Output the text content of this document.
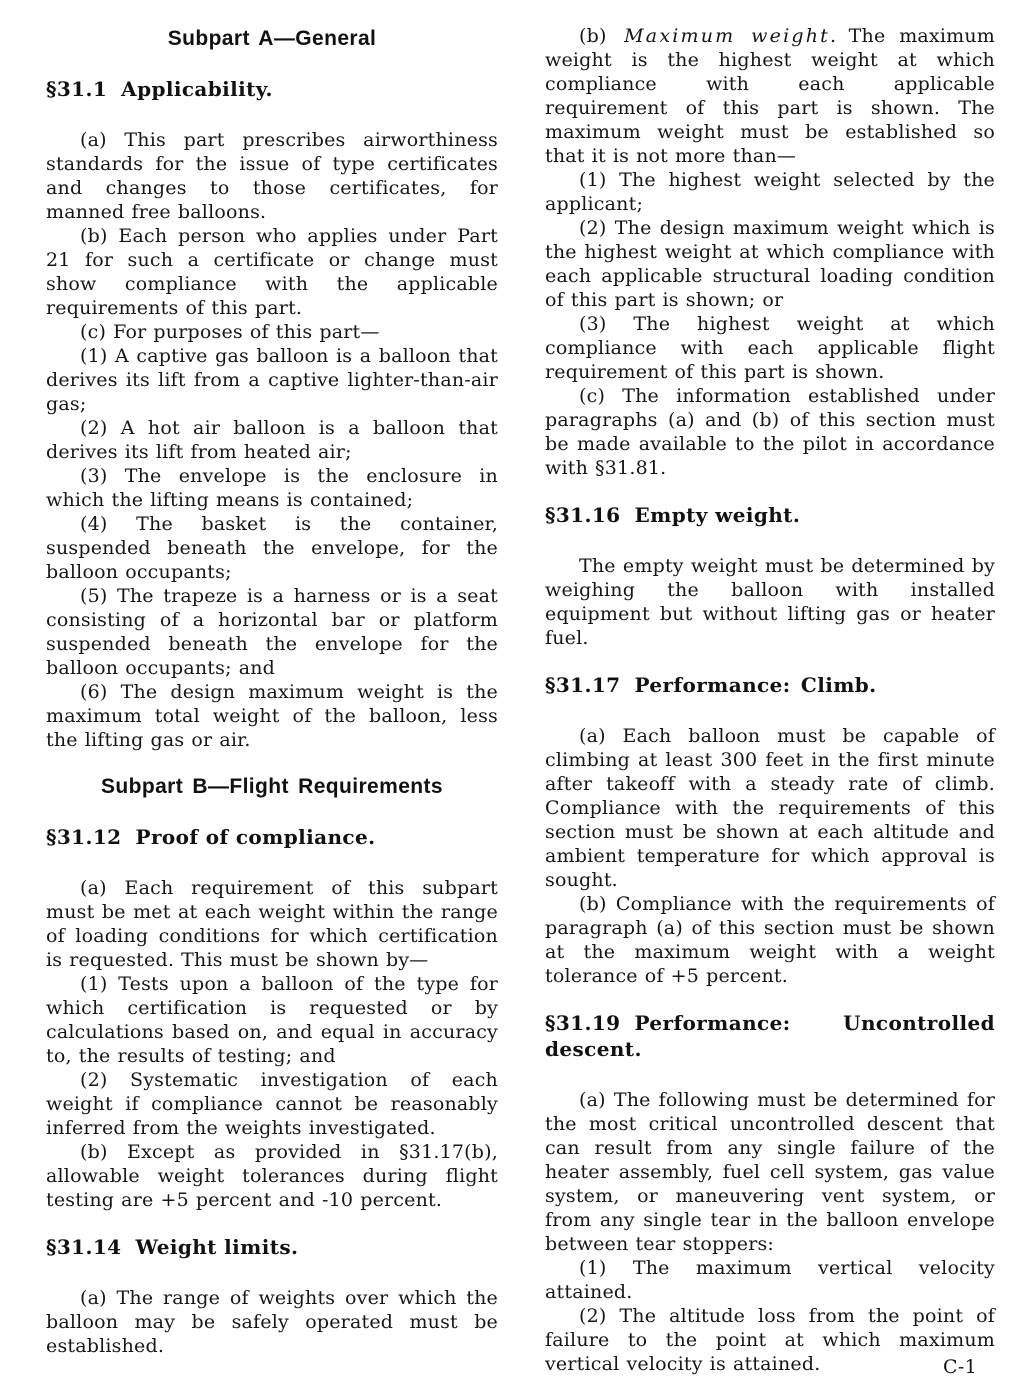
Subpart A—General
§31.1 Applicability.

(a) This part prescribes airworthiness standards for the issue of type certificates and changes to those certificates, for manned free balloons.

(b) Each person who applies under Part 21 for such a certificate or change must show compliance with the applicable requirements of this part.

(c) For purposes of this part—

(1) A captive gas balloon is a balloon that derives its lift from a captive lighter-than-air gas;

(2) A hot air balloon is a balloon that derives its lift from heated air;

(3) The envelope is the enclosure in which the lifting means is contained;

(4) The basket is the container, suspended beneath the envelope, for the balloon occupants;

(5) The trapeze is a harness or is a seat consisting of a horizontal bar or platform suspended beneath the envelope for the balloon occupants; and

(6) The design maximum weight is the maximum total weight of the balloon, less the lifting gas or air.

Subpart B—Flight Requirements
§31.12 Proof of compliance.

(a) Each requirement of this subpart must be met at each weight within the range of loading conditions for which certification is requested. This must be shown by—

(1) Tests upon a balloon of the type for which certification is requested or by calculations based on, and equal in accuracy to, the results of testing; and

(2) Systematic investigation of each weight if compliance cannot be reasonably inferred from the weights investigated.

(b) Except as provided in §31.17(b), allowable weight tolerances during flight testing are +5 percent and -10 percent.

§31.14 Weight limits.

(a) The range of weights over which the balloon may be safely operated must be established.

(b) Maximum weight. The maximum weight is the highest weight at which compliance with each applicable requirement of this part is shown. The maximum weight must be established so that it is not more than—

(1) The highest weight selected by the applicant;

(2) The design maximum weight which is the highest weight at which compliance with each applicable structural loading condition of this part is shown; or

(3) The highest weight at which compliance with each applicable flight requirement of this part is shown.

(c) The information established under paragraphs (a) and (b) of this section must be made available to the pilot in accordance with §31.81.

§31.16 Empty weight.

The empty weight must be determined by weighing the balloon with installed equipment but without lifting gas or heater fuel.

§31.17 Performance: Climb.

(a) Each balloon must be capable of climbing at least 300 feet in the first minute after takeoff with a steady rate of climb. Compliance with the requirements of this section must be shown at each altitude and ambient temperature for which approval is sought.

(b) Compliance with the requirements of paragraph (a) of this section must be shown at the maximum weight with a weight tolerance of +5 percent.

§31.19 Performance:	Uncontrolled
descent.

(a) The following must be determined for the most critical uncontrolled descent that can result from any single failure of the heater assembly, fuel cell system, gas value system, or maneuvering vent system, or from any single tear in the balloon envelope between tear stoppers:

(1) The maximum vertical velocity attained.

(2) The altitude loss from the point of failure to the point at which maximum vertical velocity is attained.	C-1
